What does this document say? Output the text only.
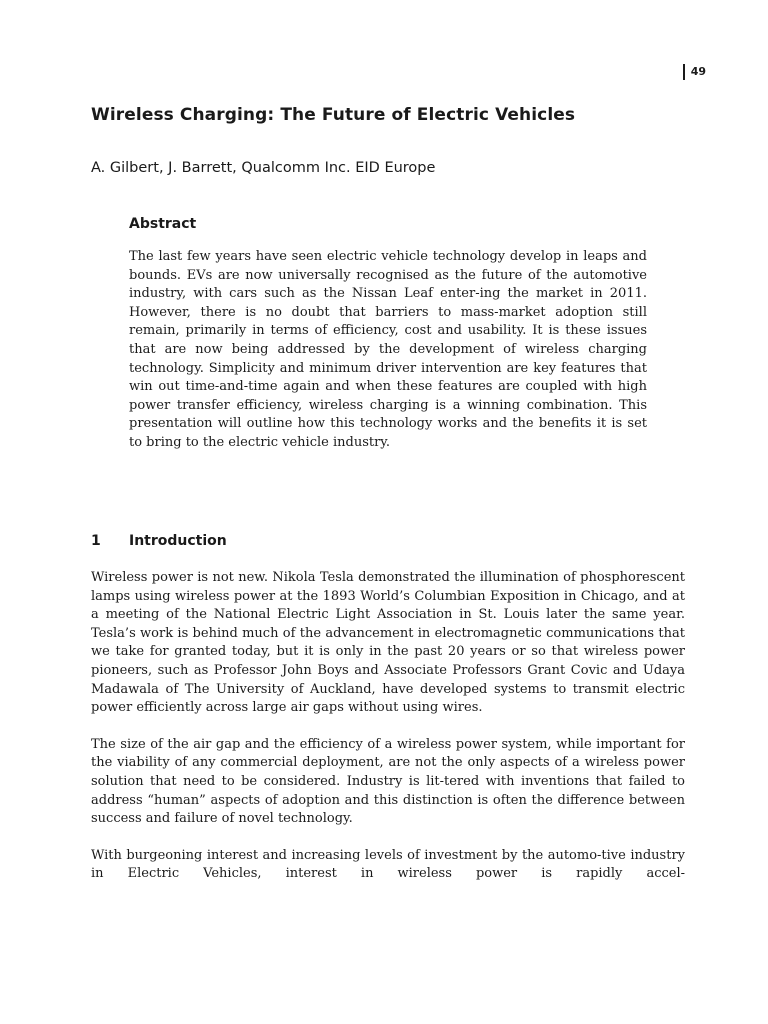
49
Wireless Charging: The Future of Electric Vehicles

A. Gilbert, J. Barrett, Qualcomm Inc. EID Europe

Abstract

The last few years have seen electric vehicle technology develop in leaps and bounds. EVs are now universally recognised as the future of the automotive industry, with cars such as the Nissan Leaf enter-ing the market in 2011. However, there is no doubt that barriers to mass-market adoption still remain, primarily in terms of efficiency, cost and usability. It is these issues that are now being addressed by the development of wireless charging technology. Simplicity and minimum driver intervention are key features that win out time-and-time again and when these features are coupled with high power transfer efficiency, wireless charging is a winning combination. This presentation will outline how this technology works and the benefits it is set to bring to the electric vehicle industry.

1	Introduction

Wireless power is not new. Nikola Tesla demonstrated the illumination of phosphorescent lamps using wireless power at the 1893 World’s Columbian Exposition in Chicago, and at a meeting of the National Electric Light Association in St. Louis later the same year. Tesla’s work is behind much of the advancement in electromagnetic communications that we take for granted today, but it is only in the past 20 years or so that wireless power pioneers, such as Professor John Boys and Associate Professors Grant Covic and Udaya Madawala of The University of Auckland, have developed systems to transmit electric power efficiently across large air gaps without using wires.

The size of the air gap and the efficiency of a wireless power system, while important for the viability of any commercial deployment, are not the only aspects of a wireless power solution that need to be considered. Industry is lit-tered with inventions that failed to address “human” aspects of adoption and this distinction is often the difference between success and failure of novel technology.

With burgeoning interest and increasing levels of investment by the automo-tive industry in Electric Vehicles, interest in wireless power is rapidly accel-
